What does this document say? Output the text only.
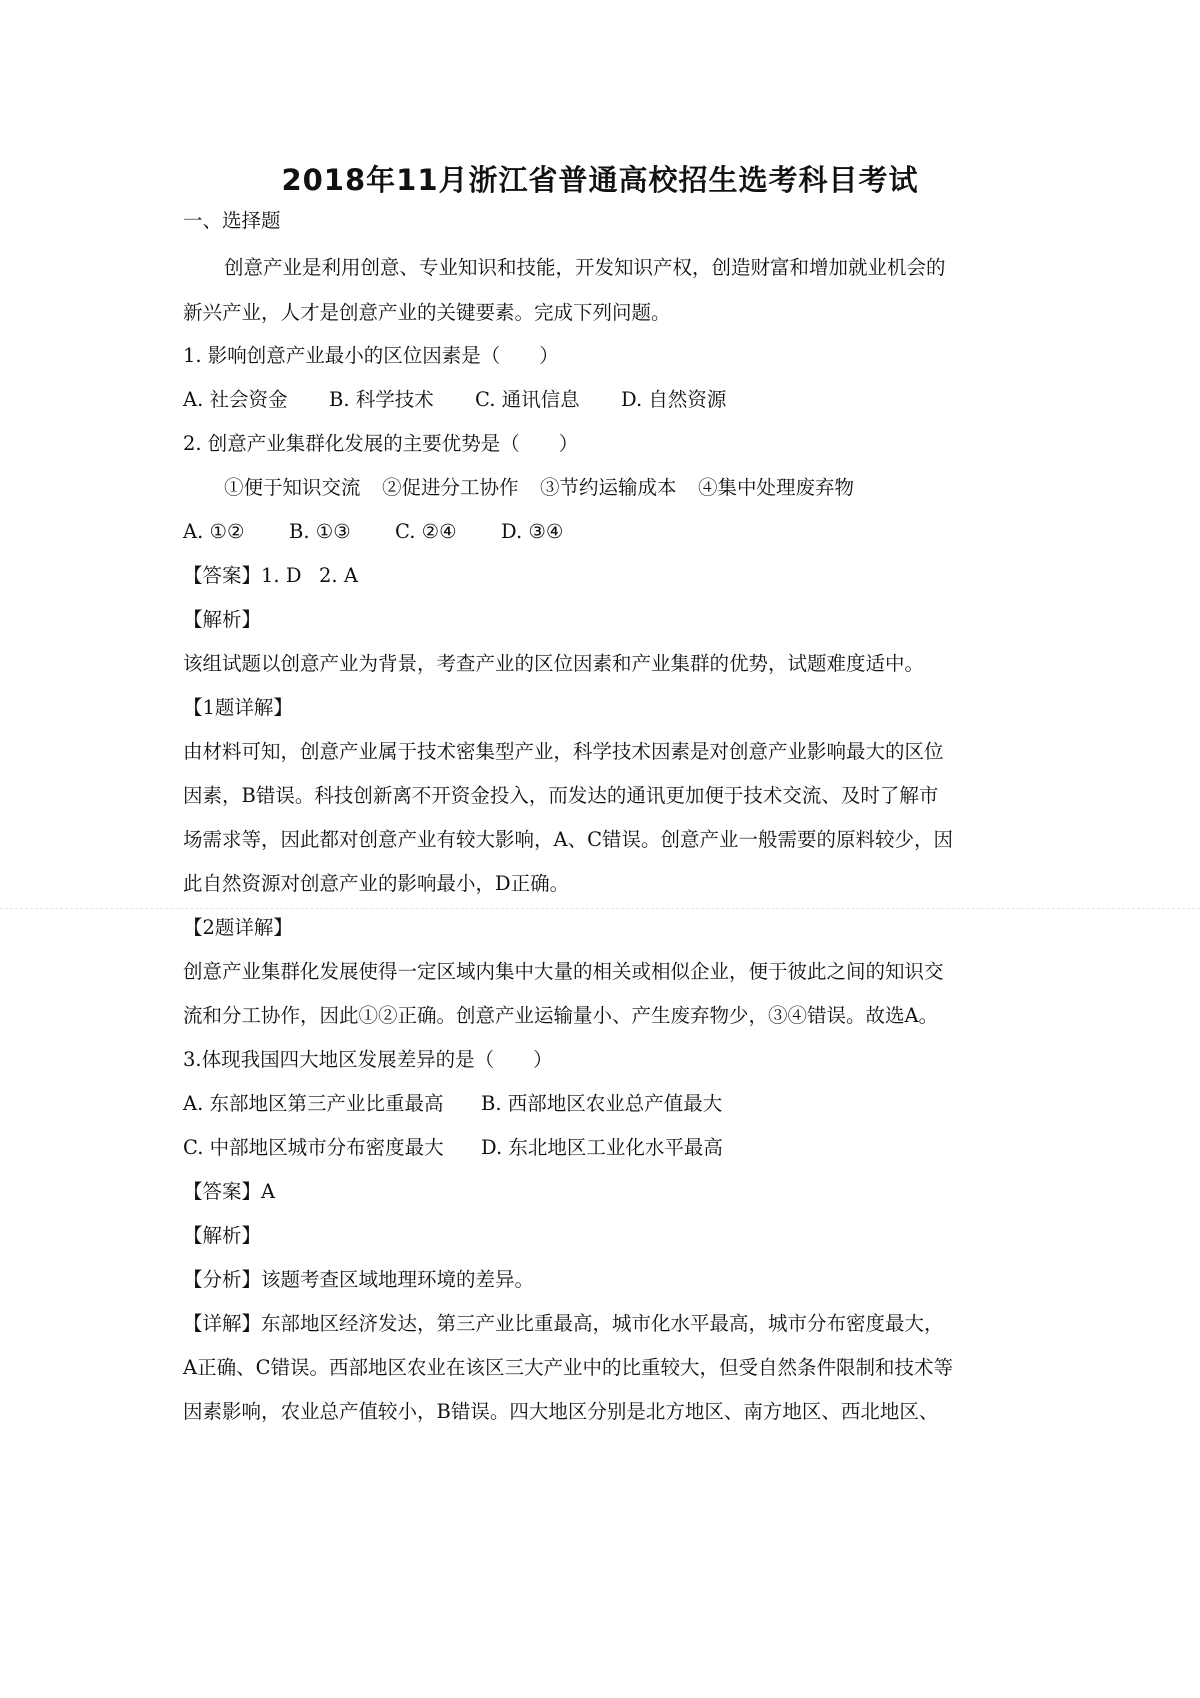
2018年11月浙江省普通高校招生选考科目考试
一、选择题
创意产业是利用创意、专业知识和技能，开发知识产权，创造财富和增加就业机会的
新兴产业，人才是创意产业的关键要素。完成下列问题。
1. 影响创意产业最小的区位因素是（　　）
A. 社会资金 B. 科学技术 C. 通讯信息 D. 自然资源
2. 创意产业集群化发展的主要优势是（　　）
①便于知识交流 ②促进分工协作 ③节约运输成本 ④集中处理废弃物
A. ①② B. ①③ C. ②④ D. ③④
【答案】1. D 2. A
【解析】
该组试题以创意产业为背景，考查产业的区位因素和产业集群的优势，试题难度适中。
【1题详解】
由材料可知，创意产业属于技术密集型产业，科学技术因素是对创意产业影响最大的区位
因素，B错误。科技创新离不开资金投入，而发达的通讯更加便于技术交流、及时了解市
场需求等，因此都对创意产业有较大影响，A、C错误。创意产业一般需要的原料较少，因
此自然资源对创意产业的影响最小，D正确。
【2题详解】
创意产业集群化发展使得一定区域内集中大量的相关或相似企业，便于彼此之间的知识交
流和分工协作，因此①②正确。创意产业运输量小、产生废弃物少，③④错误。故选A。
3.体现我国四大地区发展差异的是（　　）
A. 东部地区第三产业比重最高 B. 西部地区农业总产值最大
C. 中部地区城市分布密度最大 D. 东北地区工业化水平最高
【答案】A
【解析】
【分析】该题考查区域地理环境的差异。
【详解】东部地区经济发达，第三产业比重最高，城市化水平最高，城市分布密度最大，
A正确、C错误。西部地区农业在该区三大产业中的比重较大，但受自然条件限制和技术等
因素影响，农业总产值较小，B错误。四大地区分别是北方地区、南方地区、西北地区、
